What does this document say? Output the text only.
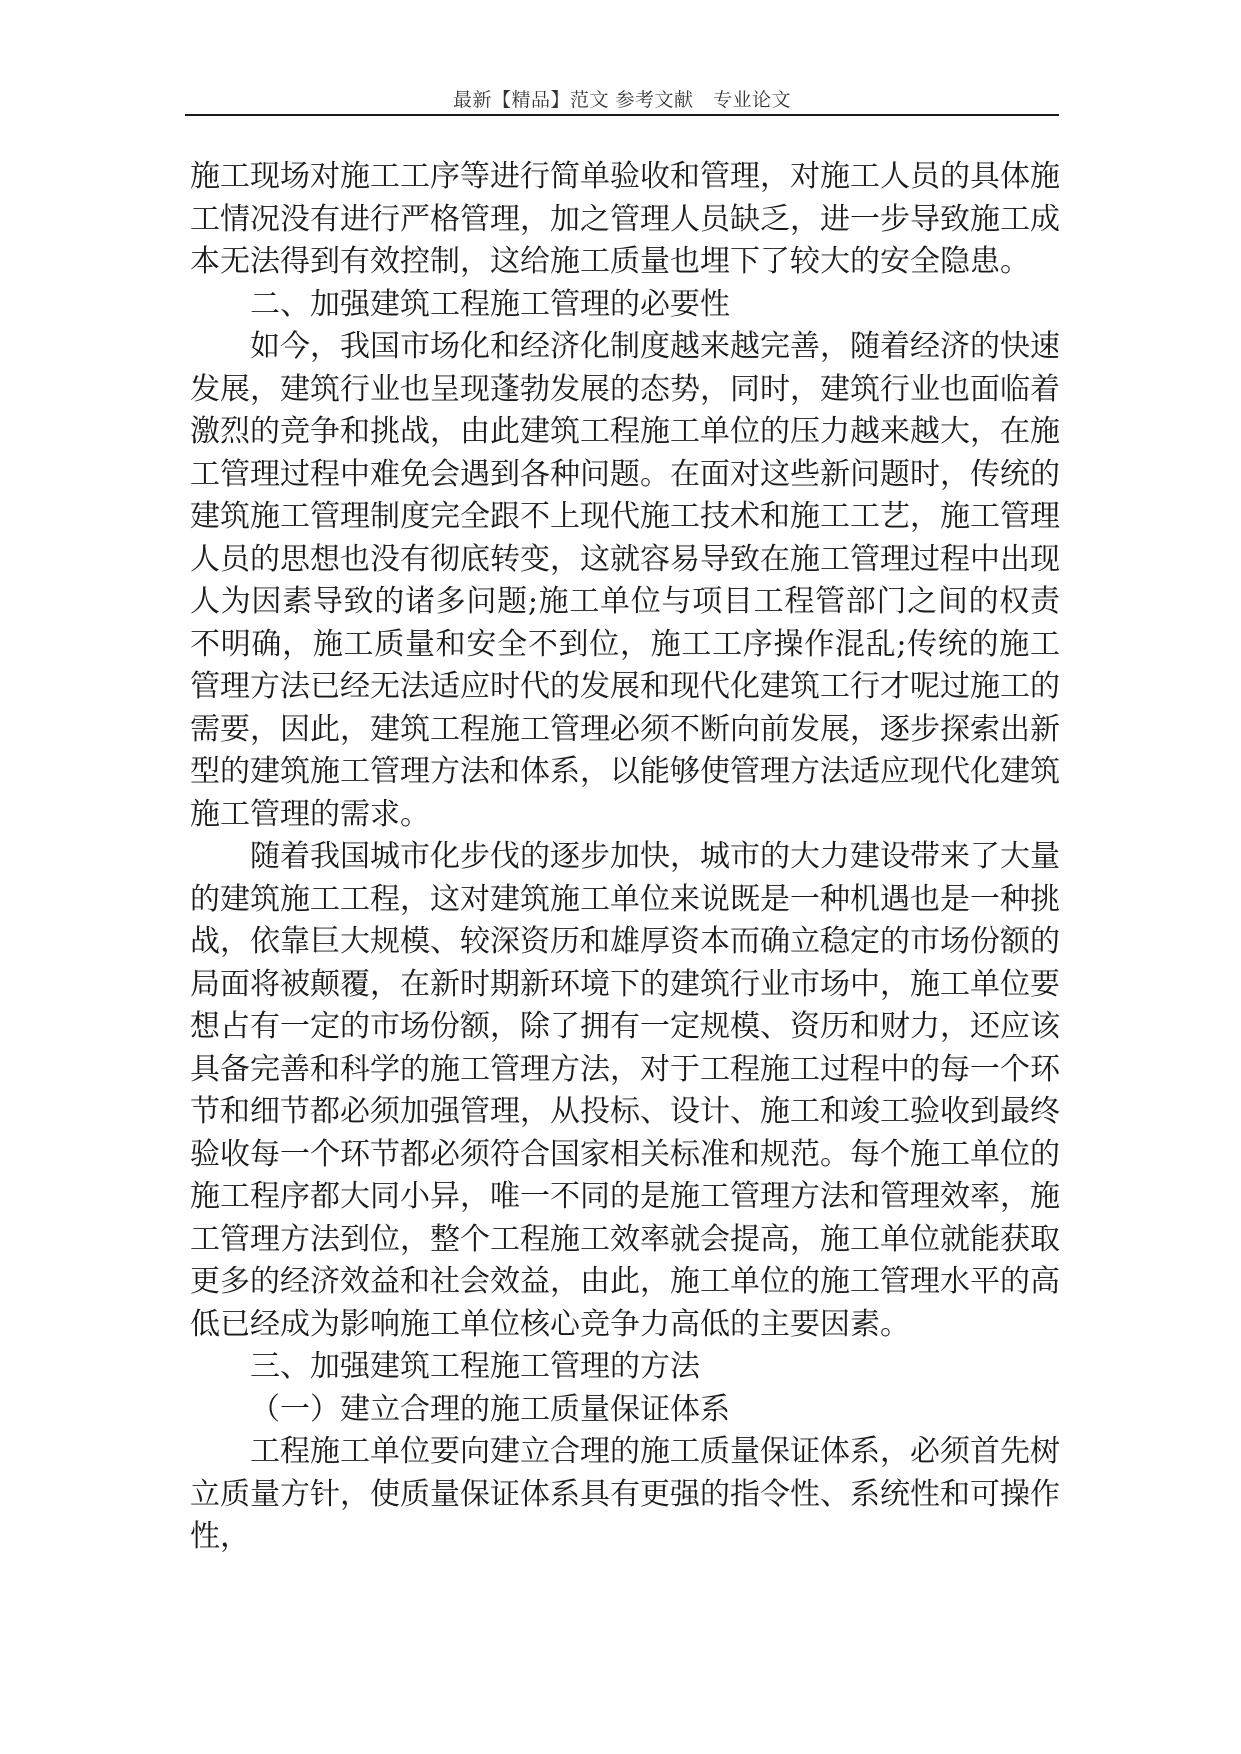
最新【精品】范文 参考文献　专业论文

施工现场对施工工序等进行简单验收和管理，对施工人员的具体施工情况没有进行严格管理，加之管理人员缺乏，进一步导致施工成本无法得到有效控制，这给施工质量也埋下了较大的安全隐患。

二、加强建筑工程施工管理的必要性

如今，我国市场化和经济化制度越来越完善，随着经济的快速发展，建筑行业也呈现蓬勃发展的态势，同时，建筑行业也面临着激烈的竞争和挑战，由此建筑工程施工单位的压力越来越大，在施工管理过程中难免会遇到各种问题。在面对这些新问题时，传统的建筑施工管理制度完全跟不上现代施工技术和施工工艺，施工管理人员的思想也没有彻底转变，这就容易导致在施工管理过程中出现人为因素导致的诸多问题;施工单位与项目工程管部门之间的权责不明确，施工质量和安全不到位，施工工序操作混乱;传统的施工管理方法已经无法适应时代的发展和现代化建筑工行才呢过施工的需要，因此，建筑工程施工管理必须不断向前发展，逐步探索出新型的建筑施工管理方法和体系，以能够使管理方法适应现代化建筑施工管理的需求。

随着我国城市化步伐的逐步加快，城市的大力建设带来了大量的建筑施工工程，这对建筑施工单位来说既是一种机遇也是一种挑战，依靠巨大规模、较深资历和雄厚资本而确立稳定的市场份额的局面将被颠覆，在新时期新环境下的建筑行业市场中，施工单位要想占有一定的市场份额，除了拥有一定规模、资历和财力，还应该具备完善和科学的施工管理方法，对于工程施工过程中的每一个环节和细节都必须加强管理，从投标、设计、施工和竣工验收到最终验收每一个环节都必须符合国家相关标准和规范。每个施工单位的施工程序都大同小异，唯一不同的是施工管理方法和管理效率，施工管理方法到位，整个工程施工效率就会提高，施工单位就能获取更多的经济效益和社会效益，由此，施工单位的施工管理水平的高低已经成为影响施工单位核心竞争力高低的主要因素。

三、加强建筑工程施工管理的方法

（一）建立合理的施工质量保证体系

工程施工单位要向建立合理的施工质量保证体系，必须首先树立质量方针，使质量保证体系具有更强的指令性、系统性和可操作性，
